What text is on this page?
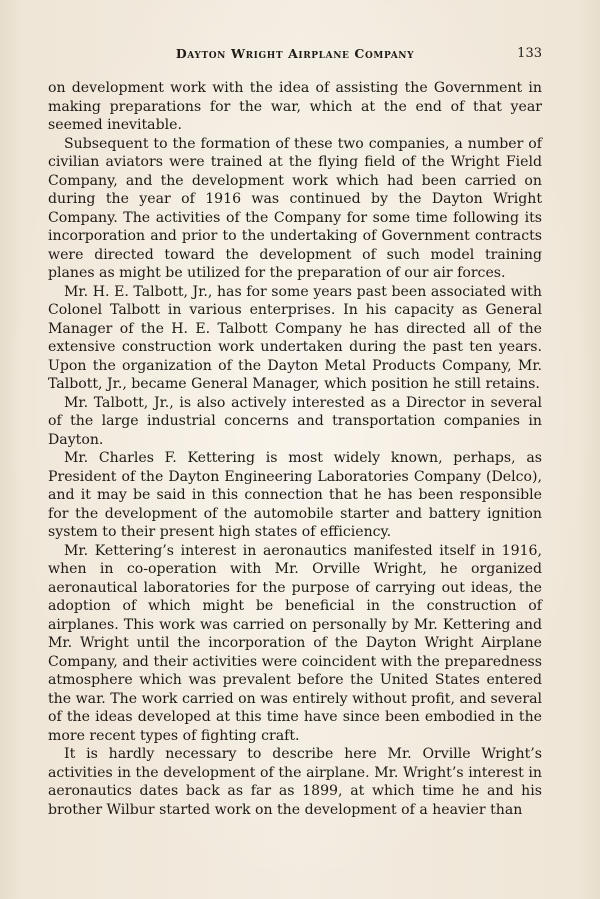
Dayton Wright Airplane Company	133

on development work with the idea of assisting the Government in making preparations for the war, which at the end of that year seemed inevitable.

Subsequent to the formation of these two companies, a number of civilian aviators were trained at the flying field of the Wright Field Company, and the development work which had been carried on during the year of 1916 was continued by the Dayton Wright Company. The activities of the Company for some time following its incorporation and prior to the undertaking of Government contracts were directed toward the development of such model training planes as might be utilized for the preparation of our air forces.

Mr. H. E. Talbott, Jr., has for some years past been associated with Colonel Talbott in various enterprises. In his capacity as General Manager of the H. E. Talbott Company he has directed all of the extensive construction work undertaken during the past ten years. Upon the organization of the Dayton Metal Products Company, Mr. Talbott, Jr., became General Manager, which position he still retains.

Mr. Talbott, Jr., is also actively interested as a Director in several of the large industrial concerns and transportation companies in Dayton.

Mr. Charles F. Kettering is most widely known, perhaps, as President of the Dayton Engineering Laboratories Company (Delco), and it may be said in this connection that he has been responsible for the development of the automobile starter and battery ignition system to their present high states of efficiency.

Mr. Kettering’s interest in aeronautics manifested itself in 1916, when in co-operation with Mr. Orville Wright, he organized aeronautical laboratories for the purpose of carrying out ideas, the adoption of which might be beneficial in the construction of airplanes. This work was carried on personally by Mr. Kettering and Mr. Wright until the incorporation of the Dayton Wright Airplane Company, and their activities were coincident with the preparedness atmosphere which was prevalent before the United States entered the war. The work carried on was entirely without profit, and several of the ideas developed at this time have since been embodied in the more recent types of fighting craft.

It is hardly necessary to describe here Mr. Orville Wright’s activities in the development of the airplane. Mr. Wright’s interest in aeronautics dates back as far as 1899, at which time he and his brother Wilbur started work on the development of a heavier than
